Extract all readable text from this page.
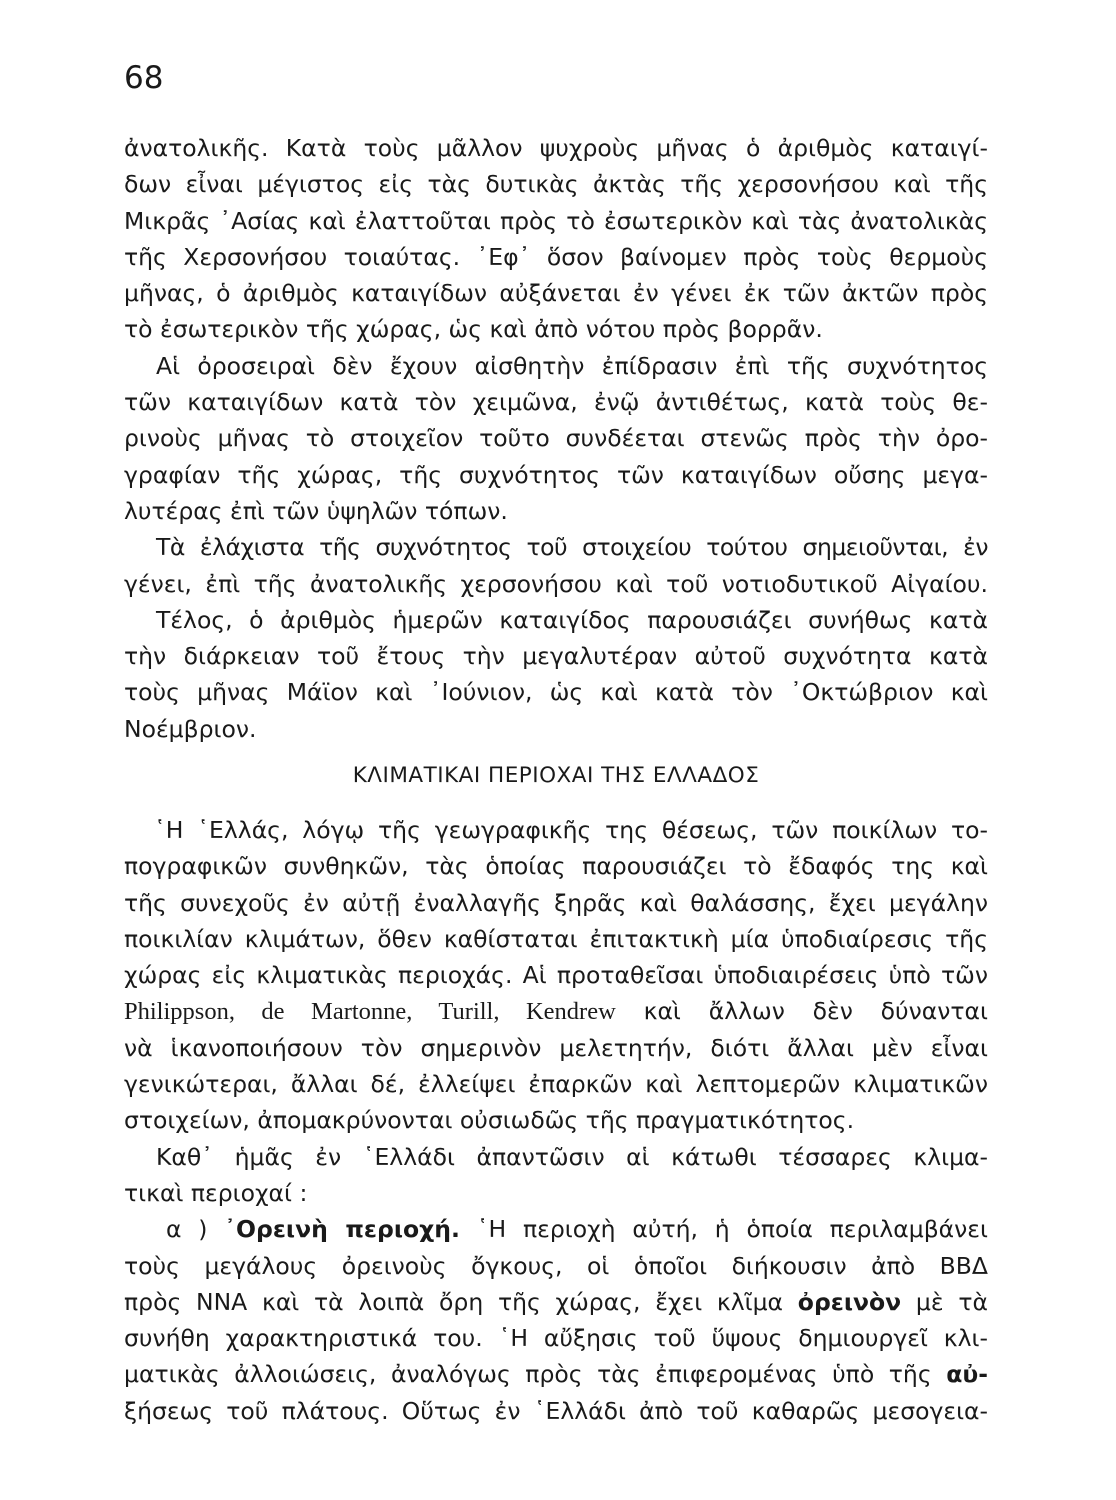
68
ἀνατολικῆς. Κατὰ τοὺς μᾶλλον ψυχροὺς μῆνας ὁ ἀριθμὸς καταιγί-
δων εἶναι μέγιστος εἰς τὰς δυτικὰς ἀκτὰς τῆς χερσονήσου καὶ τῆς
Μικρᾶς ᾿Ασίας καὶ ἐλαττοῦται πρὸς τὸ ἐσωτερικὸν καὶ τὰς ἀνατολικὰς
τῆς Χερσονήσου τοιαύτας. ᾿Εφ᾿ ὅσον βαίνομεν πρὸς τοὺς θερμοὺς
μῆνας, ὁ ἀριθμὸς καταιγίδων αὐξάνεται ἐν γένει ἐκ τῶν ἀκτῶν πρὸς
τὸ ἐσωτερικὸν τῆς χώρας, ὡς καὶ ἀπὸ νότου πρὸς βορρᾶν.
Αἱ ὀροσειραὶ δὲν ἔχουν αἰσθητὴν ἐπίδρασιν ἐπὶ τῆς συχνότητος
τῶν καταιγίδων κατὰ τὸν χειμῶνα, ἐνῷ ἀντιθέτως, κατὰ τοὺς θε-
ρινοὺς μῆνας τὸ στοιχεῖον τοῦτο συνδέεται στενῶς πρὸς τὴν ὀρο-
γραφίαν τῆς χώρας, τῆς συχνότητος τῶν καταιγίδων οὔσης μεγα-
λυτέρας ἐπὶ τῶν ὑψηλῶν τόπων.
Τὰ ἐλάχιστα τῆς συχνότητος τοῦ στοιχείου τούτου σημειοῦνται, ἐν
γένει, ἐπὶ τῆς ἀνατολικῆς χερσονήσου καὶ τοῦ νοτιοδυτικοῦ Αἰγαίου.
Τέλος, ὁ ἀριθμὸς ἡμερῶν καταιγίδος παρουσιάζει συνήθως κατὰ
τὴν διάρκειαν τοῦ ἔτους τὴν μεγαλυτέραν αὐτοῦ συχνότητα κατὰ
τοὺς μῆνας Μάϊον καὶ ᾿Ιούνιον, ὡς καὶ κατὰ τὸν ᾿Οκτώβριον καὶ
Νοέμβριον.
ΚΛΙΜΑΤΙΚΑΙ ΠΕΡΙΟΧΑΙ ΤΗΣ ΕΛΛΑΔΟΣ
῾Η ῾Ελλάς, λόγῳ τῆς γεωγραφικῆς της θέσεως, τῶν ποικίλων το-
πογραφικῶν συνθηκῶν, τὰς ὁποίας παρουσιάζει τὸ ἔδαφός της καὶ
τῆς συνεχοῦς ἐν αὐτῇ ἐναλλαγῆς ξηρᾶς καὶ θαλάσσης, ἔχει μεγάλην
ποικιλίαν κλιμάτων, ὅθεν καθίσταται ἐπιτακτικὴ μία ὑποδιαίρεσις τῆς
χώρας εἰς κλιματικὰς περιοχάς. Αἱ προταθεῖσαι ὑποδιαιρέσεις ὑπὸ τῶν
Philippson, de Martonne, Turill, Kendrew καὶ ἄλλων δὲν δύνανται
νὰ ἱκανοποιήσουν τὸν σημερινὸν μελετητήν, διότι ἄλλαι μὲν εἶναι
γενικώτεραι, ἄλλαι δέ, ἐλλείψει ἐπαρκῶν καὶ λεπτομερῶν κλιματικῶν
στοιχείων, ἀπομακρύνονται οὐσιωδῶς τῆς πραγματικότητος.
Καθ᾿ ἡμᾶς ἐν ῾Ελλάδι ἀπαντῶσιν αἱ κάτωθι τέσσαρες κλιμα-
τικαὶ περιοχαί :
α ) ᾿Ορεινὴ περιοχή. ῾Η περιοχὴ αὐτή, ἡ ὁποία περιλαμβάνει
τοὺς μεγάλους ὀρεινοὺς ὄγκους, οἱ ὁποῖοι διήκουσιν ἀπὸ ΒΒΔ
πρὸς ΝΝΑ καὶ τὰ λοιπὰ ὄρη τῆς χώρας, ἔχει κλῖμα ὀρεινὸν μὲ τὰ
συνήθη χαρακτηριστικά του. ῾Η αὔξησις τοῦ ὕψους δημιουργεῖ κλι-
ματικὰς ἀλλοιώσεις, ἀναλόγως πρὸς τὰς ἐπιφερομένας ὑπὸ τῆς αὐ-
ξήσεως τοῦ πλάτους. Οὕτως ἐν ῾Ελλάδι ἀπὸ τοῦ καθαρῶς μεσογεια-
